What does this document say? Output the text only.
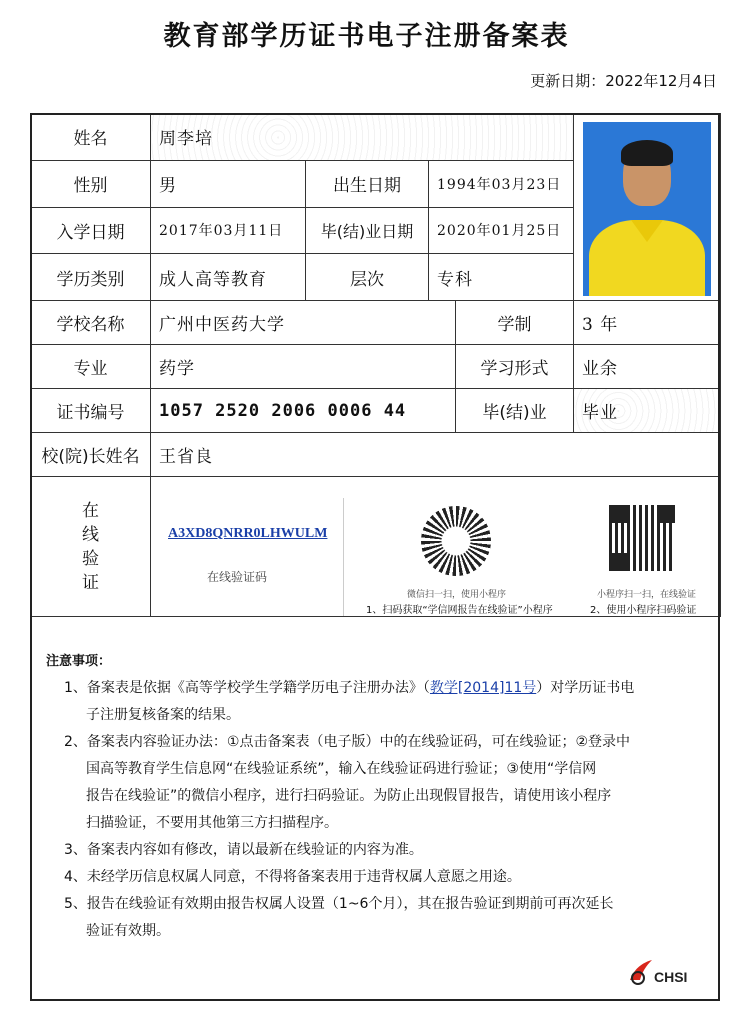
教育部学历证书电子注册备案表
更新日期：2022年12月4日
姓名	周李培				

性别	男	出生日期	1994年03月23日		
入学日期	2017年03月11日	毕(结)业日期	2020年01月25日		
学历类别	成人高等教育	层次	专科		
学校名称	广州中医药大学			学制	3 年
专业	药学			学习形式	业余
证书编号	1057 2520 2006 0006 44			毕(结)业	毕业
校(院)长姓名	王省良				

在
线
验
证					

A3XD8QNRR0LHWULM
在线验证码
微信扫一扫，使用小程序
1、扫码获取“学信网报告在线验证”小程序
小程序扫一扫，在线验证
2、使用小程序扫码验证
注意事项：
1、备案表是依据《高等学校学生学籍学历电子注册办法》（教学[2014]11号）对学历证书电
子注册复核备案的结果。
2、备案表内容验证办法：①点击备案表（电子版）中的在线验证码，可在线验证；②登录中
国高等教育学生信息网“在线验证系统”，输入在线验证码进行验证；③使用“学信网
报告在线验证”的微信小程序，进行扫码验证。为防止出现假冒报告，请使用该小程序
扫描验证，不要用其他第三方扫描程序。
3、备案表内容如有修改，请以最新在线验证的内容为准。
4、未经学历信息权属人同意，不得将备案表用于违背权属人意愿之用途。
5、报告在线验证有效期由报告权属人设置（1~6个月），其在报告验证到期前可再次延长
验证有效期。
CHSI
